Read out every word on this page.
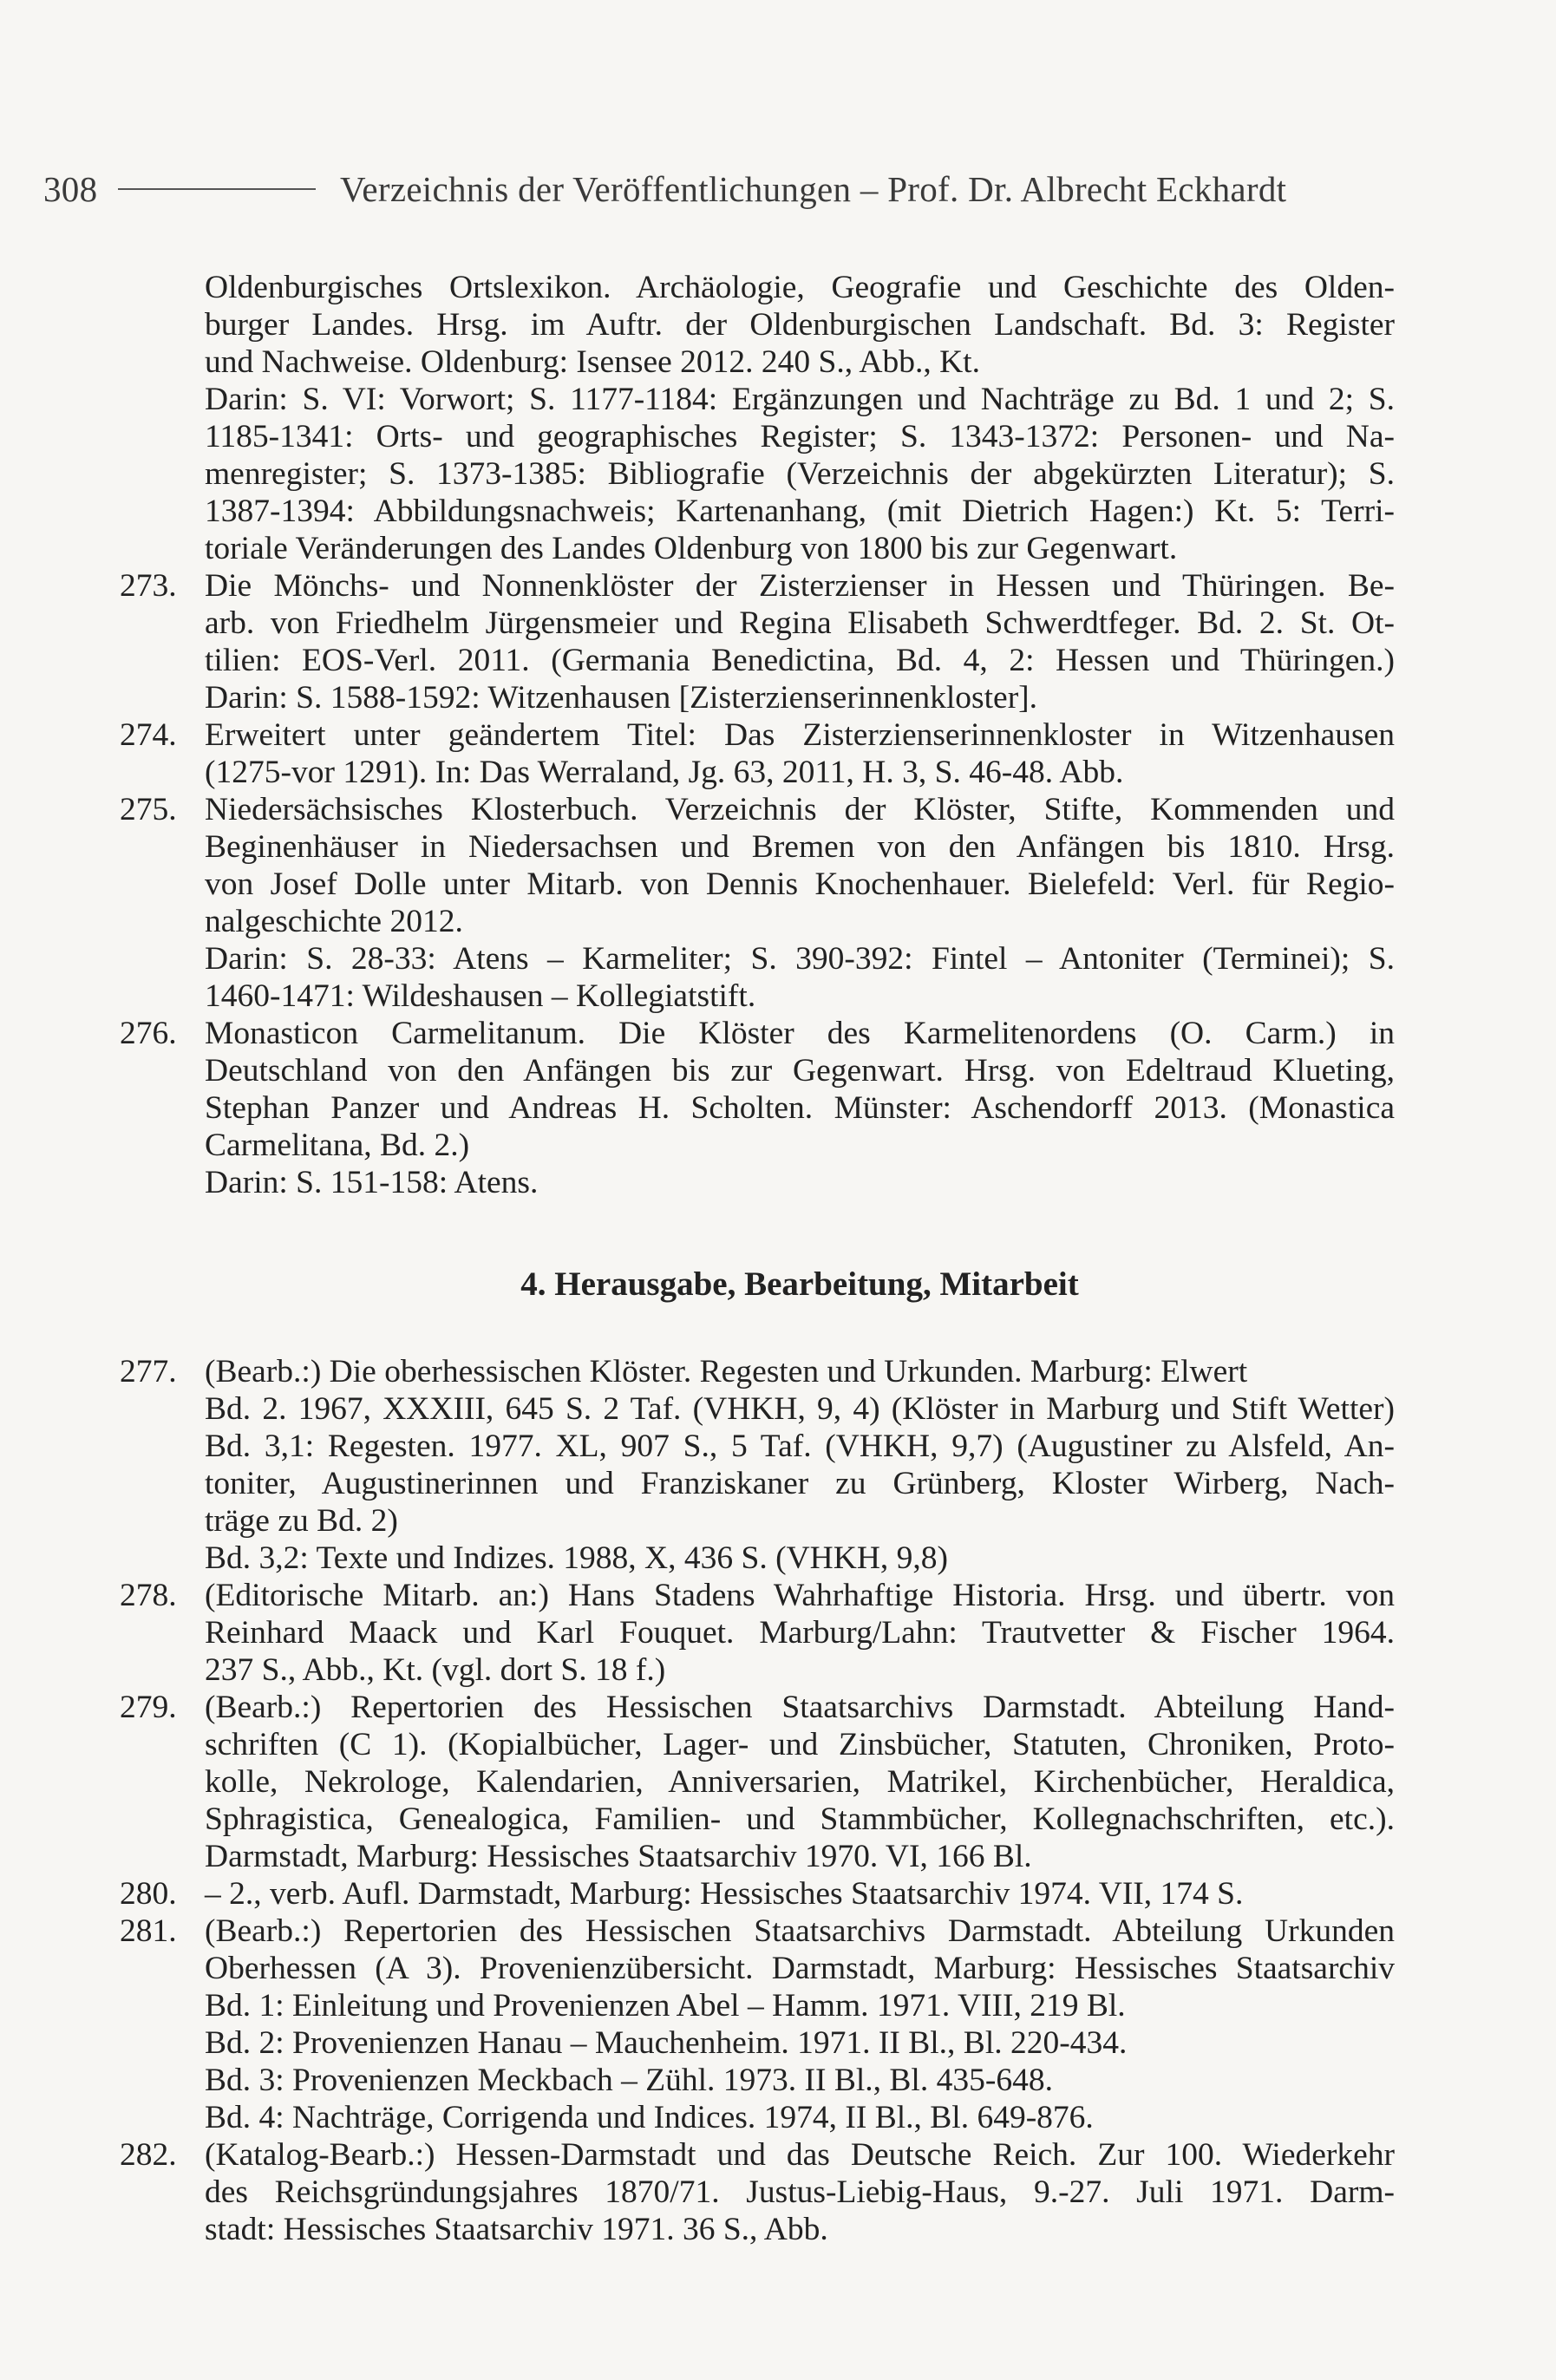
308	Verzeichnis der Veröffentlichungen – Prof. Dr. Albrecht Eckhardt
Oldenburgisches Ortslexikon. Archäologie, Geografie und Geschichte des Olden-
burger Landes. Hrsg. im Auftr. der Oldenburgischen Landschaft. Bd. 3: Register
und Nachweise. Oldenburg: Isensee 2012. 240 S., Abb., Kt.
Darin: S. VI: Vorwort; S. 1177-1184: Ergänzungen und Nachträge zu Bd. 1 und 2; S.
1185-1341: Orts- und geographisches Register; S. 1343-1372: Personen- und Na-
menregister; S. 1373-1385: Bibliografie (Verzeichnis der abgekürzten Literatur); S.
1387-1394: Abbildungsnachweis; Kartenanhang, (mit Dietrich Hagen:) Kt. 5: Terri-
toriale Veränderungen des Landes Oldenburg von 1800 bis zur Gegenwart.
273. Die Mönchs- und Nonnenklöster der Zisterzienser in Hessen und Thüringen. Be-
arb. von Friedhelm Jürgensmeier und Regina Elisabeth Schwerdtfeger. Bd. 2. St. Ot-
tilien: EOS-Verl. 2011. (Germania Benedictina, Bd. 4, 2: Hessen und Thüringen.)
Darin: S. 1588-1592: Witzenhausen [Zisterzienserinnenkloster].
274. Erweitert unter geändertem Titel: Das Zisterzienserinnenkloster in Witzenhausen
(1275-vor 1291). In: Das Werraland, Jg. 63, 2011, H. 3, S. 46-48. Abb.
275. Niedersächsisches Klosterbuch. Verzeichnis der Klöster, Stifte, Kommenden und
Beginenhäuser in Niedersachsen und Bremen von den Anfängen bis 1810. Hrsg.
von Josef Dolle unter Mitarb. von Dennis Knochenhauer. Bielefeld: Verl. für Regio-
nalgeschichte 2012.
Darin: S. 28-33: Atens – Karmeliter; S. 390-392: Fintel – Antoniter (Terminei); S.
1460-1471: Wildeshausen – Kollegiatstift.
276. Monasticon Carmelitanum. Die Klöster des Karmelitenordens (O. Carm.) in
Deutschland von den Anfängen bis zur Gegenwart. Hrsg. von Edeltraud Klueting,
Stephan Panzer und Andreas H. Scholten. Münster: Aschendorff 2013. (Monastica
Carmelitana, Bd. 2.)
Darin: S. 151-158: Atens.
4. Herausgabe, Bearbeitung, Mitarbeit
277. (Bearb.:) Die oberhessischen Klöster. Regesten und Urkunden. Marburg: Elwert
Bd. 2. 1967, XXXIII, 645 S. 2 Taf. (VHKH, 9, 4) (Klöster in Marburg und Stift Wetter)
Bd. 3,1: Regesten. 1977. XL, 907 S., 5 Taf. (VHKH, 9,7) (Augustiner zu Alsfeld, An-
toniter, Augustinerinnen und Franziskaner zu Grünberg, Kloster Wirberg, Nach-
träge zu Bd. 2)
Bd. 3,2: Texte und Indizes. 1988, X, 436 S. (VHKH, 9,8)
278. (Editorische Mitarb. an:) Hans Stadens Wahrhaftige Historia. Hrsg. und übertr. von
Reinhard Maack und Karl Fouquet. Marburg/Lahn: Trautvetter & Fischer 1964.
237 S., Abb., Kt. (vgl. dort S. 18 f.)
279. (Bearb.:) Repertorien des Hessischen Staatsarchivs Darmstadt. Abteilung Hand-
schriften (C 1). (Kopialbücher, Lager- und Zinsbücher, Statuten, Chroniken, Proto-
kolle, Nekrologe, Kalendarien, Anniversarien, Matrikel, Kirchenbücher, Heraldica,
Sphragistica, Genealogica, Familien- und Stammbücher, Kollegnachschriften, etc.).
Darmstadt, Marburg: Hessisches Staatsarchiv 1970. VI, 166 Bl.
280. – 2., verb. Aufl. Darmstadt, Marburg: Hessisches Staatsarchiv 1974. VII, 174 S.
281. (Bearb.:) Repertorien des Hessischen Staatsarchivs Darmstadt. Abteilung Urkunden
Oberhessen (A 3). Provenienzübersicht. Darmstadt, Marburg: Hessisches Staatsarchiv
Bd. 1: Einleitung und Provenienzen Abel – Hamm. 1971. VIII, 219 Bl.
Bd. 2: Provenienzen Hanau – Mauchenheim. 1971. II Bl., Bl. 220-434.
Bd. 3: Provenienzen Meckbach – Zühl. 1973. II Bl., Bl. 435-648.
Bd. 4: Nachträge, Corrigenda und Indices. 1974, II Bl., Bl. 649-876.
282. (Katalog-Bearb.:) Hessen-Darmstadt und das Deutsche Reich. Zur 100. Wiederkehr
des Reichsgründungsjahres 1870/71. Justus-Liebig-Haus, 9.-27. Juli 1971. Darm-
stadt: Hessisches Staatsarchiv 1971. 36 S., Abb.
